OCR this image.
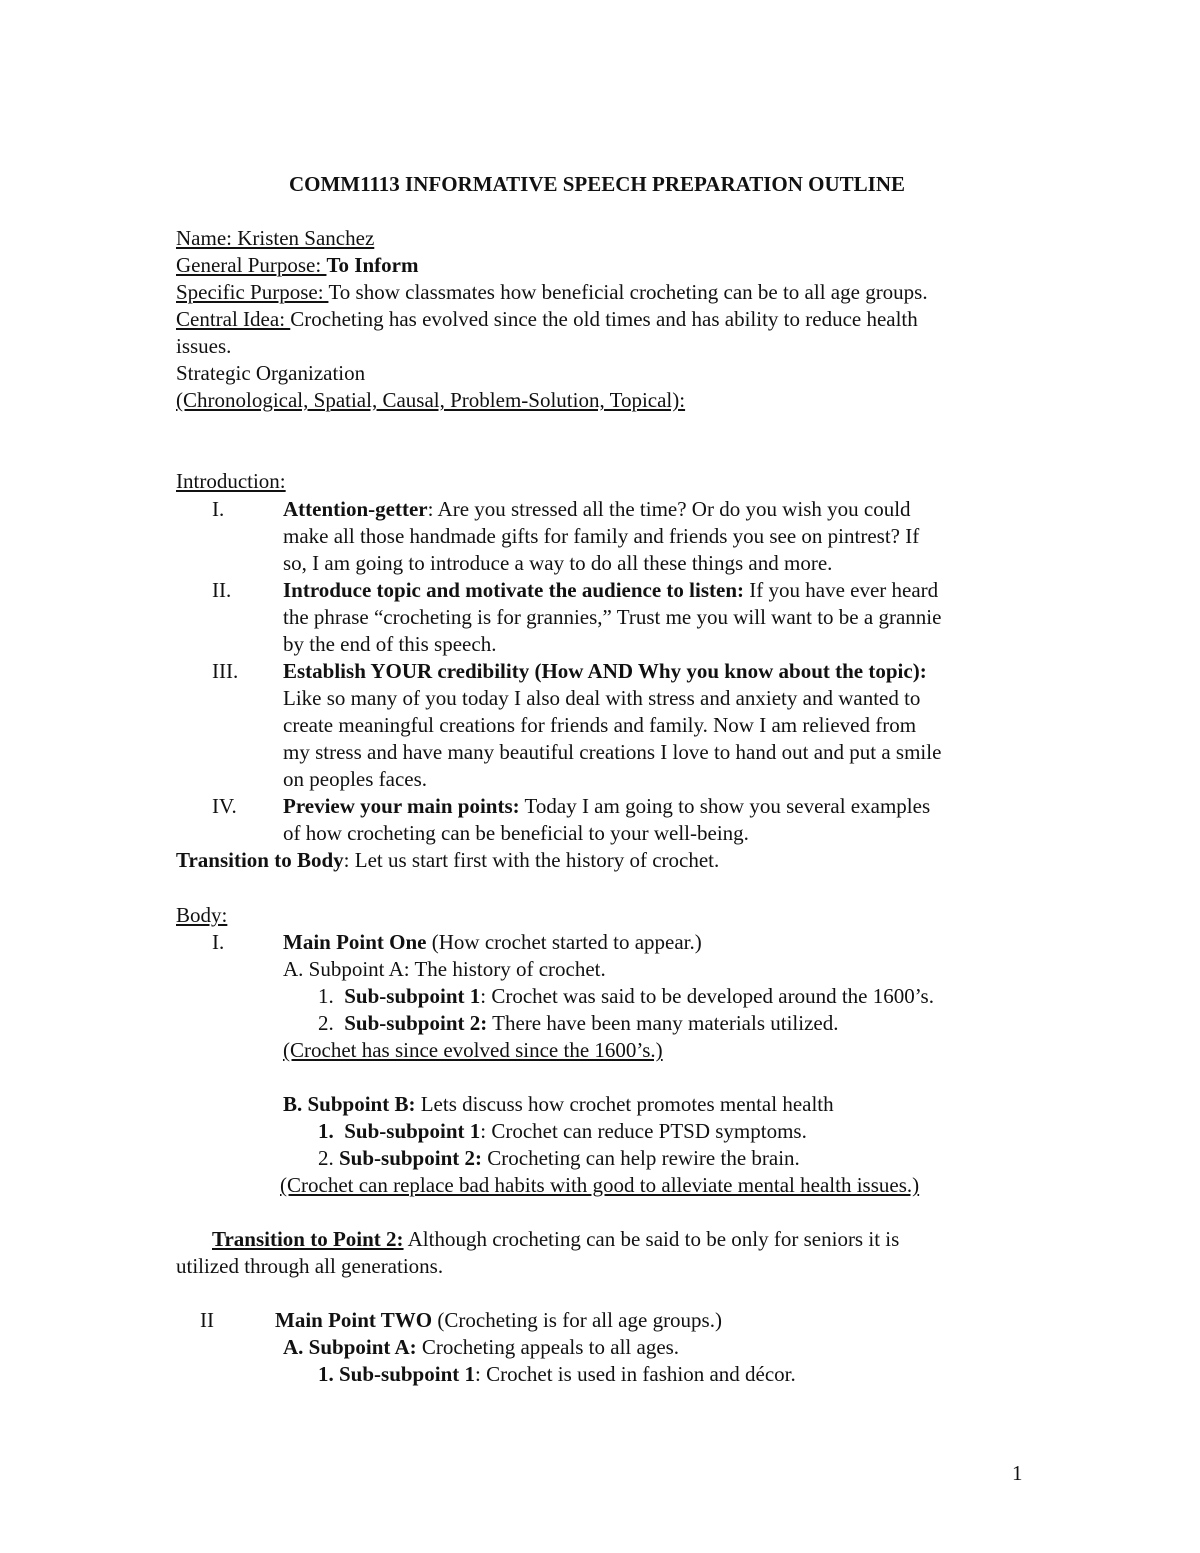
COMM1113 INFORMATIVE SPEECH PREPARATION OUTLINE
Name: Kristen Sanchez
General Purpose: To Inform
Specific Purpose: To show classmates how beneficial crocheting can be to all age groups.
Central Idea: Crocheting has evolved since the old times and has ability to reduce health
issues.
Strategic Organization
(Chronological, Spatial, Causal, Problem-Solution, Topical):
Introduction:
I.	Attention-getter: Are you stressed all the time? Or do you wish you could
make all those handmade gifts for family and friends you see on pintrest? If
so, I am going to introduce a way to do all these things and more.
II. Introduce topic and motivate the audience to listen: If you have ever heard
the phrase “crocheting is for grannies,” Trust me you will want to be a grannie
by the end of this speech.
III. Establish YOUR credibility (How AND Why you know about the topic):
Like so many of you today I also deal with stress and anxiety and wanted to
create meaningful creations for friends and family. Now I am relieved from
my stress and have many beautiful creations I love to hand out and put a smile
on peoples faces.
IV. Preview your main points: Today I am going to show you several examples
of how crocheting can be beneficial to your well-being.
Transition to Body: Let us start first with the history of crochet.
Body:
I.	Main Point One (How crochet started to appear.)
A. Subpoint A: The history of crochet.
1. Sub-subpoint 1: Crochet was said to be developed around the 1600’s.
2. Sub-subpoint 2: There have been many materials utilized.
(Crochet has since evolved since the 1600’s.)
B. Subpoint B: Lets discuss how crochet promotes mental health
1. Sub-subpoint 1: Crochet can reduce PTSD symptoms.
2. Sub-subpoint 2: Crocheting can help rewire the brain.
(Crochet can replace bad habits with good to alleviate mental health issues.)
Transition to Point 2: Although crocheting can be said to be only for seniors it is
utilized through all generations.
II	Main Point TWO (Crocheting is for all age groups.)
A. Subpoint A: Crocheting appeals to all ages.
1. Sub-subpoint 1: Crochet is used in fashion and décor.
1
